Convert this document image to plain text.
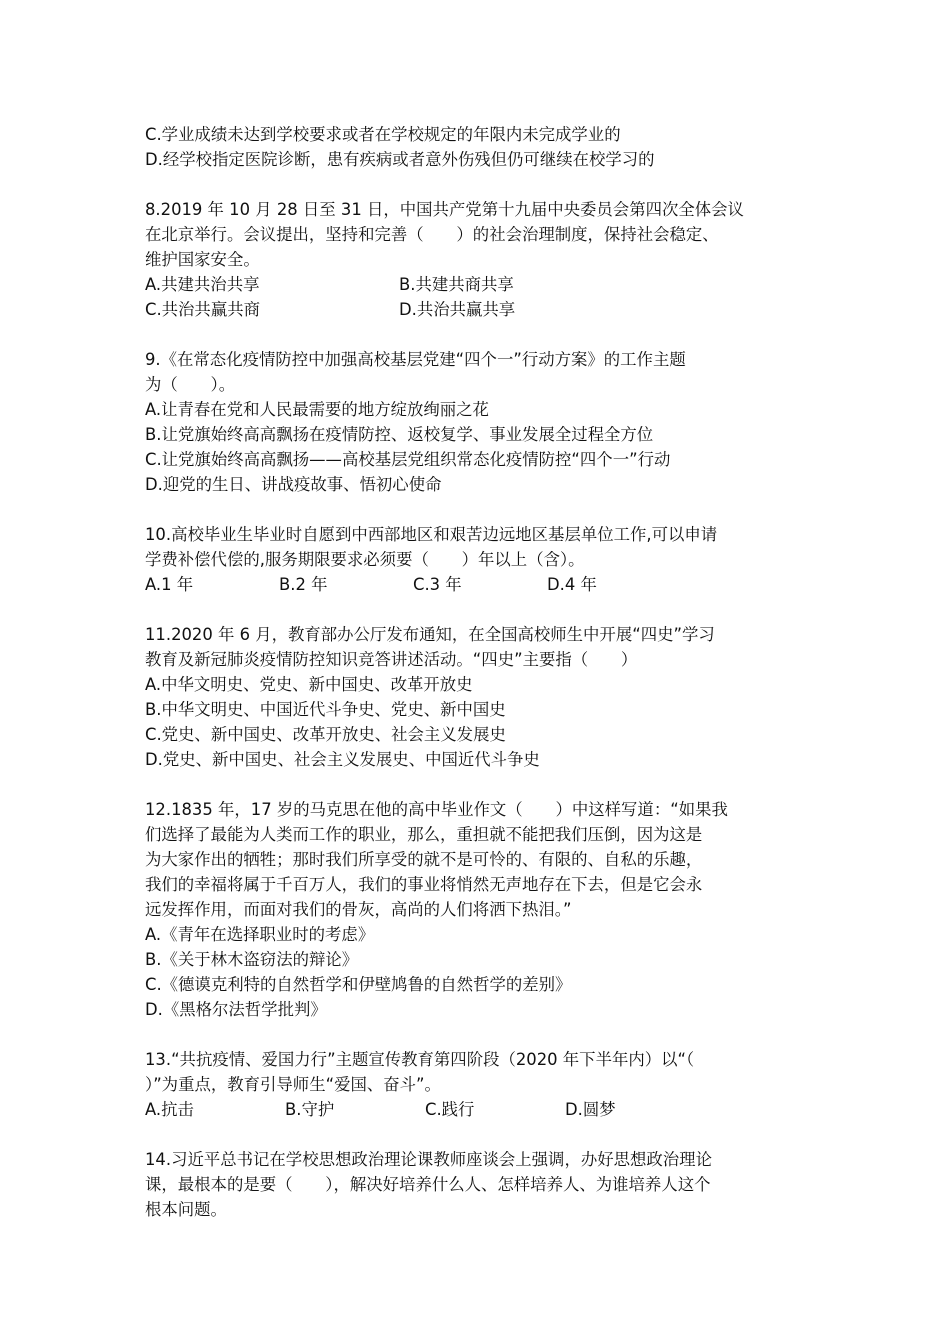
C.学业成绩未达到学校要求或者在学校规定的年限内未完成学业的
D.经学校指定医院诊断，患有疾病或者意外伤残但仍可继续在校学习的
8.2019 年 10 月 28 日至 31 日，中国共产党第十九届中央委员会第四次全体会议
在北京举行。会议提出，坚持和完善（　　）的社会治理制度，保持社会稳定、
维护国家安全。
A.共建共治共享	B.共建共商共享
C.共治共赢共商	D.共治共赢共享
9.《在常态化疫情防控中加强高校基层党建“四个一”行动方案》的工作主题
为（　　）。
A.让青春在党和人民最需要的地方绽放绚丽之花
B.让党旗始终高高飘扬在疫情防控、返校复学、事业发展全过程全方位
C.让党旗始终高高飘扬——高校基层党组织常态化疫情防控“四个一”行动
D.迎党的生日、讲战疫故事、悟初心使命
10.高校毕业生毕业时自愿到中西部地区和艰苦边远地区基层单位工作,可以申请
学费补偿代偿的,服务期限要求必须要（　　）年以上（含）。
A.1 年	B.2 年	C.3 年	D.4 年
11.2020 年 6 月，教育部办公厅发布通知，在全国高校师生中开展“四史”学习
教育及新冠肺炎疫情防控知识竞答讲述活动。“四史”主要指（　　）
A.中华文明史、党史、新中国史、改革开放史
B.中华文明史、中国近代斗争史、党史、新中国史
C.党史、新中国史、改革开放史、社会主义发展史
D.党史、新中国史、社会主义发展史、中国近代斗争史
12.1835 年，17 岁的马克思在他的高中毕业作文（　　）中这样写道：“如果我
们选择了最能为人类而工作的职业，那么，重担就不能把我们压倒，因为这是
为大家作出的牺牲；那时我们所享受的就不是可怜的、有限的、自私的乐趣，
我们的幸福将属于千百万人，我们的事业将悄然无声地存在下去，但是它会永
远发挥作用，而面对我们的骨灰，高尚的人们将洒下热泪。”
A.《青年在选择职业时的考虑》
B.《关于林木盗窃法的辩论》
C.《德谟克利特的自然哲学和伊壁鸠鲁的自然哲学的差别》
D.《黑格尔法哲学批判》
13.“共抗疫情、爱国力行”主题宣传教育第四阶段（2020 年下半年内）以“（
）”为重点，教育引导师生“爱国、奋斗”。
A.抗击	B.守护	C.践行	D.圆梦
14.习近平总书记在学校思想政治理论课教师座谈会上强调，办好思想政治理论
课，最根本的是要（　　），解决好培养什么人、怎样培养人、为谁培养人这个
根本问题。
